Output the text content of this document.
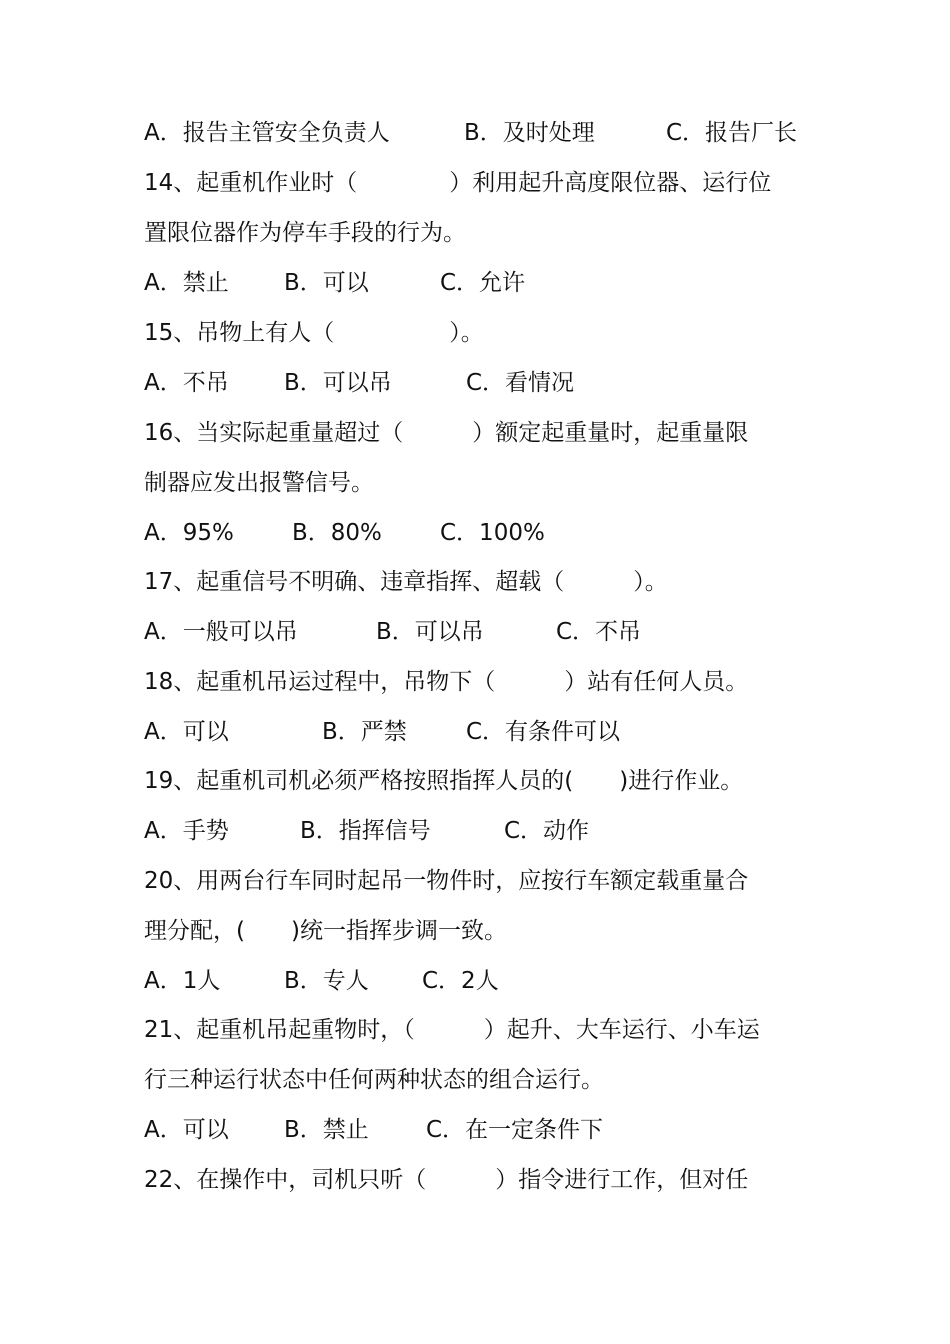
A．报告主管安全负责人	B．及时处理	C．报告厂长
14、起重机作业时（　　　　）利用起升高度限位器、运行位
置限位器作为停车手段的行为。
A．禁止 B．可以	C．允许
15、吊物上有人（　　　　　）。
A．不吊 B．可以吊	C．看情况
16、当实际起重量超过（　　　）额定起重量时，起重量限
制器应发出报警信号。
A．95%	B．80%	C．100%
17、起重信号不明确、违章指挥、超载（　　　）。
A．一般可以吊	B．可以吊	C．不吊
18、起重机吊运过程中，吊物下（　　　）站有任何人员。
A．可以	B．严禁	C．有条件可以
19、起重机司机必须严格按照指挥人员的(　　)进行作业。
A．手势	B．指挥信号	C．动作
20、用两台行车同时起吊一物件时，应按行车额定载重量合
理分配，(　　)统一指挥步调一致。
A．1人	B．专人 C．2人
21、起重机吊起重物时，（　　　）起升、大车运行、小车运
行三种运行状态中任何两种状态的组合运行。
A．可以 B．禁止 C．在一定条件下
22、在操作中，司机只听（　　　）指令进行工作，但对任
